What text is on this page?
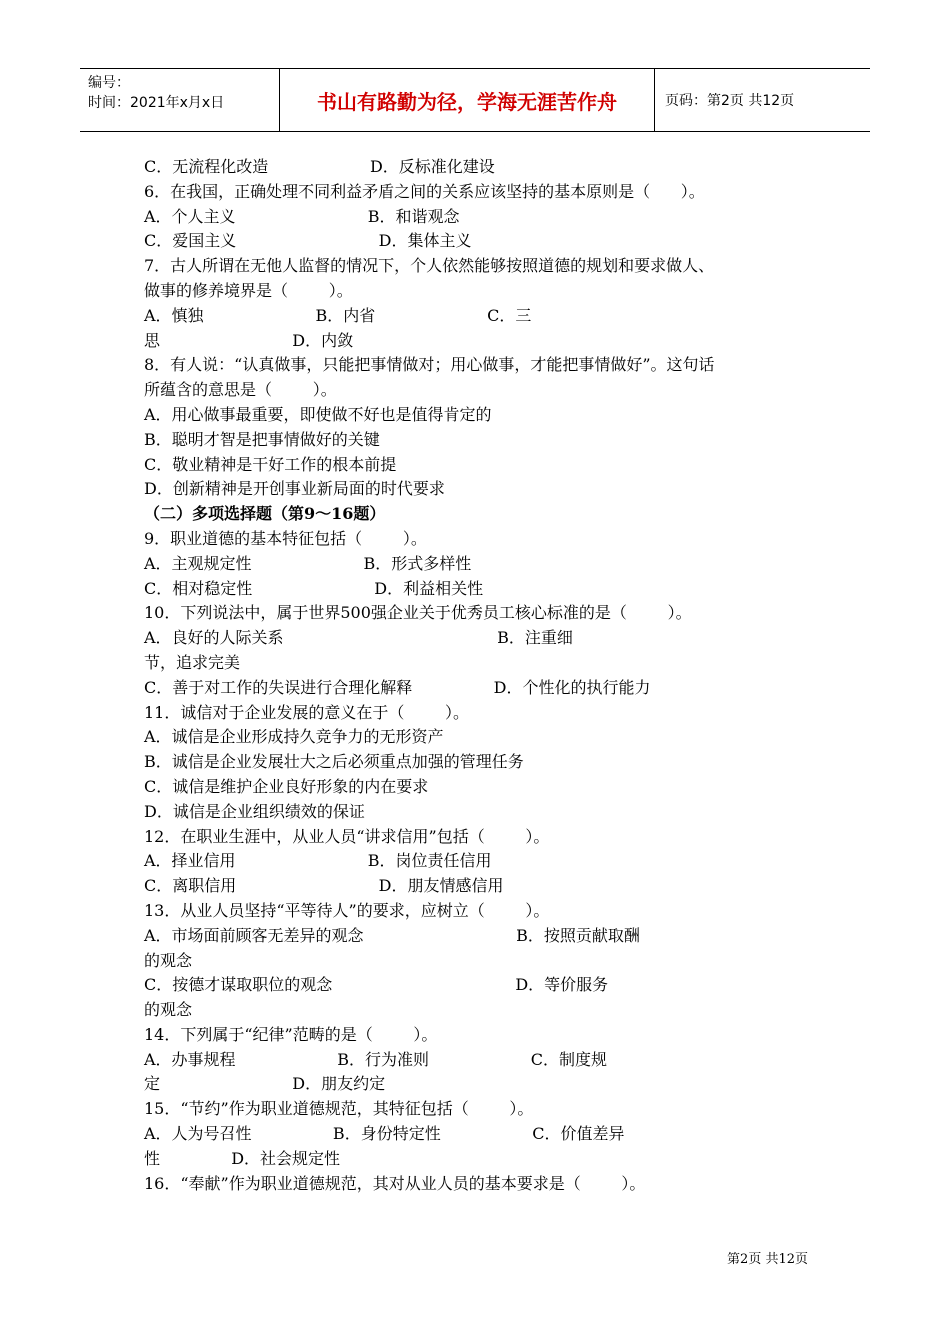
编号：
时间：2021年x月x日	书山有路勤为径，学海无涯苦作舟	页码：第2页 共12页
C．无流程化改造                    D．反标准化建设
6．在我国，正确处理不同利益矛盾之间的关系应该坚持的基本原则是（      ）。
A．个人主义                          B．和谐观念
C．爱国主义                            D．集体主义
7．古人所谓在无他人监督的情况下，个人依然能够按照道德的规划和要求做人、
做事的修养境界是（        ）。
A．慎独                      B．内省                      C．三
思                          D．内敛
8．有人说：“认真做事，只能把事情做对；用心做事，才能把事情做好”。这句话
所蕴含的意思是（        ）。
A．用心做事最重要，即使做不好也是值得肯定的
B．聪明才智是把事情做好的关键
C．敬业精神是干好工作的根本前提
D．创新精神是开创事业新局面的时代要求
（二）多项选择题（第9～16题）
9．职业道德的基本特征包括（        ）。
A．主观规定性                      B．形式多样性
C．相对稳定性                        D．利益相关性
10．下列说法中，属于世界500强企业关于优秀员工核心标准的是（        ）。
A．良好的人际关系                                          B．注重细
节，追求完美
C．善于对工作的失误进行合理化解释                D．个性化的执行能力
11．诚信对于企业发展的意义在于（        ）。
A．诚信是企业形成持久竞争力的无形资产
B．诚信是企业发展壮大之后必须重点加强的管理任务
C．诚信是维护企业良好形象的内在要求
D．诚信是企业组织绩效的保证
12．在职业生涯中，从业人员“讲求信用”包括（        ）。
A．择业信用                          B．岗位责任信用
C．离职信用                            D．朋友情感信用
13．从业人员坚持“平等待人”的要求，应树立（        ）。
A．市场面前顾客无差异的观念                              B．按照贡献取酬
的观念
C．按德才谋取职位的观念                                    D．等价服务
的观念
14．下列属于“纪律”范畴的是（        ）。
A．办事规程                    B．行为准则                    C．制度规
定                          D．朋友约定
15．“节约”作为职业道德规范，其特征包括（        ）。
A．人为号召性                B．身份特定性                  C．价值差异
性              D．社会规定性
16．“奉献”作为职业道德规范，其对从业人员的基本要求是（        ）。
第2页 共12页
